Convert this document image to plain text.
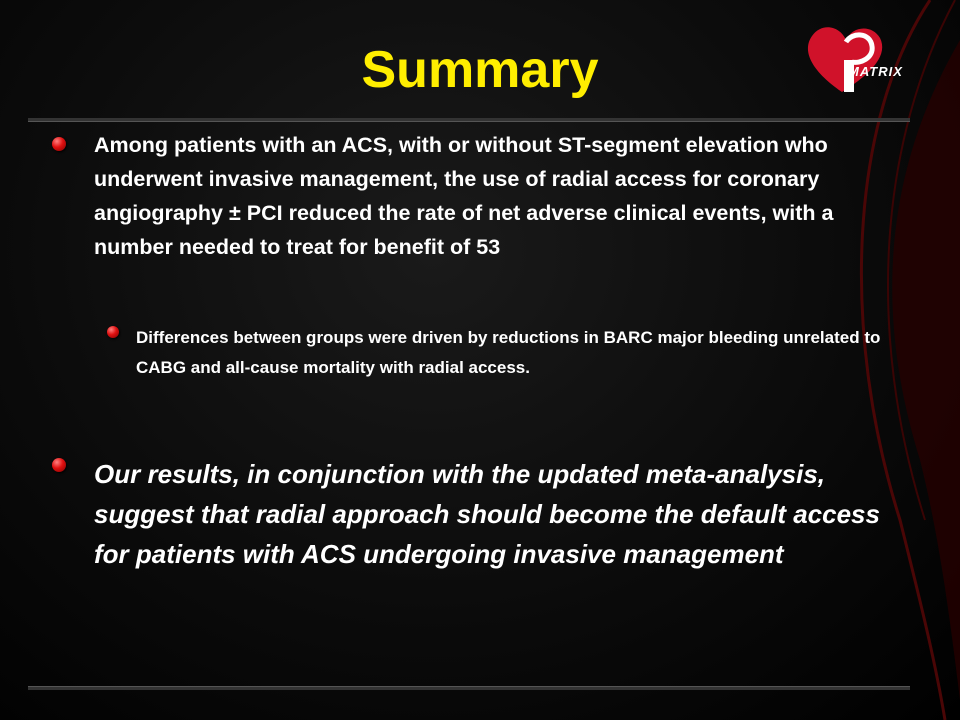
Summary	MATRIX
Among patients with an ACS, with or without ST-segment elevation who underwent invasive management, the use of radial access for coronary angiography ± PCI reduced the rate of net adverse clinical events, with a number needed to treat for benefit of 53
Differences between groups were driven by reductions in BARC major bleeding unrelated to CABG and all-cause mortality with radial access.
Our results, in conjunction with the updated meta-analysis, suggest that radial approach should become the default access for patients with ACS undergoing invasive management
